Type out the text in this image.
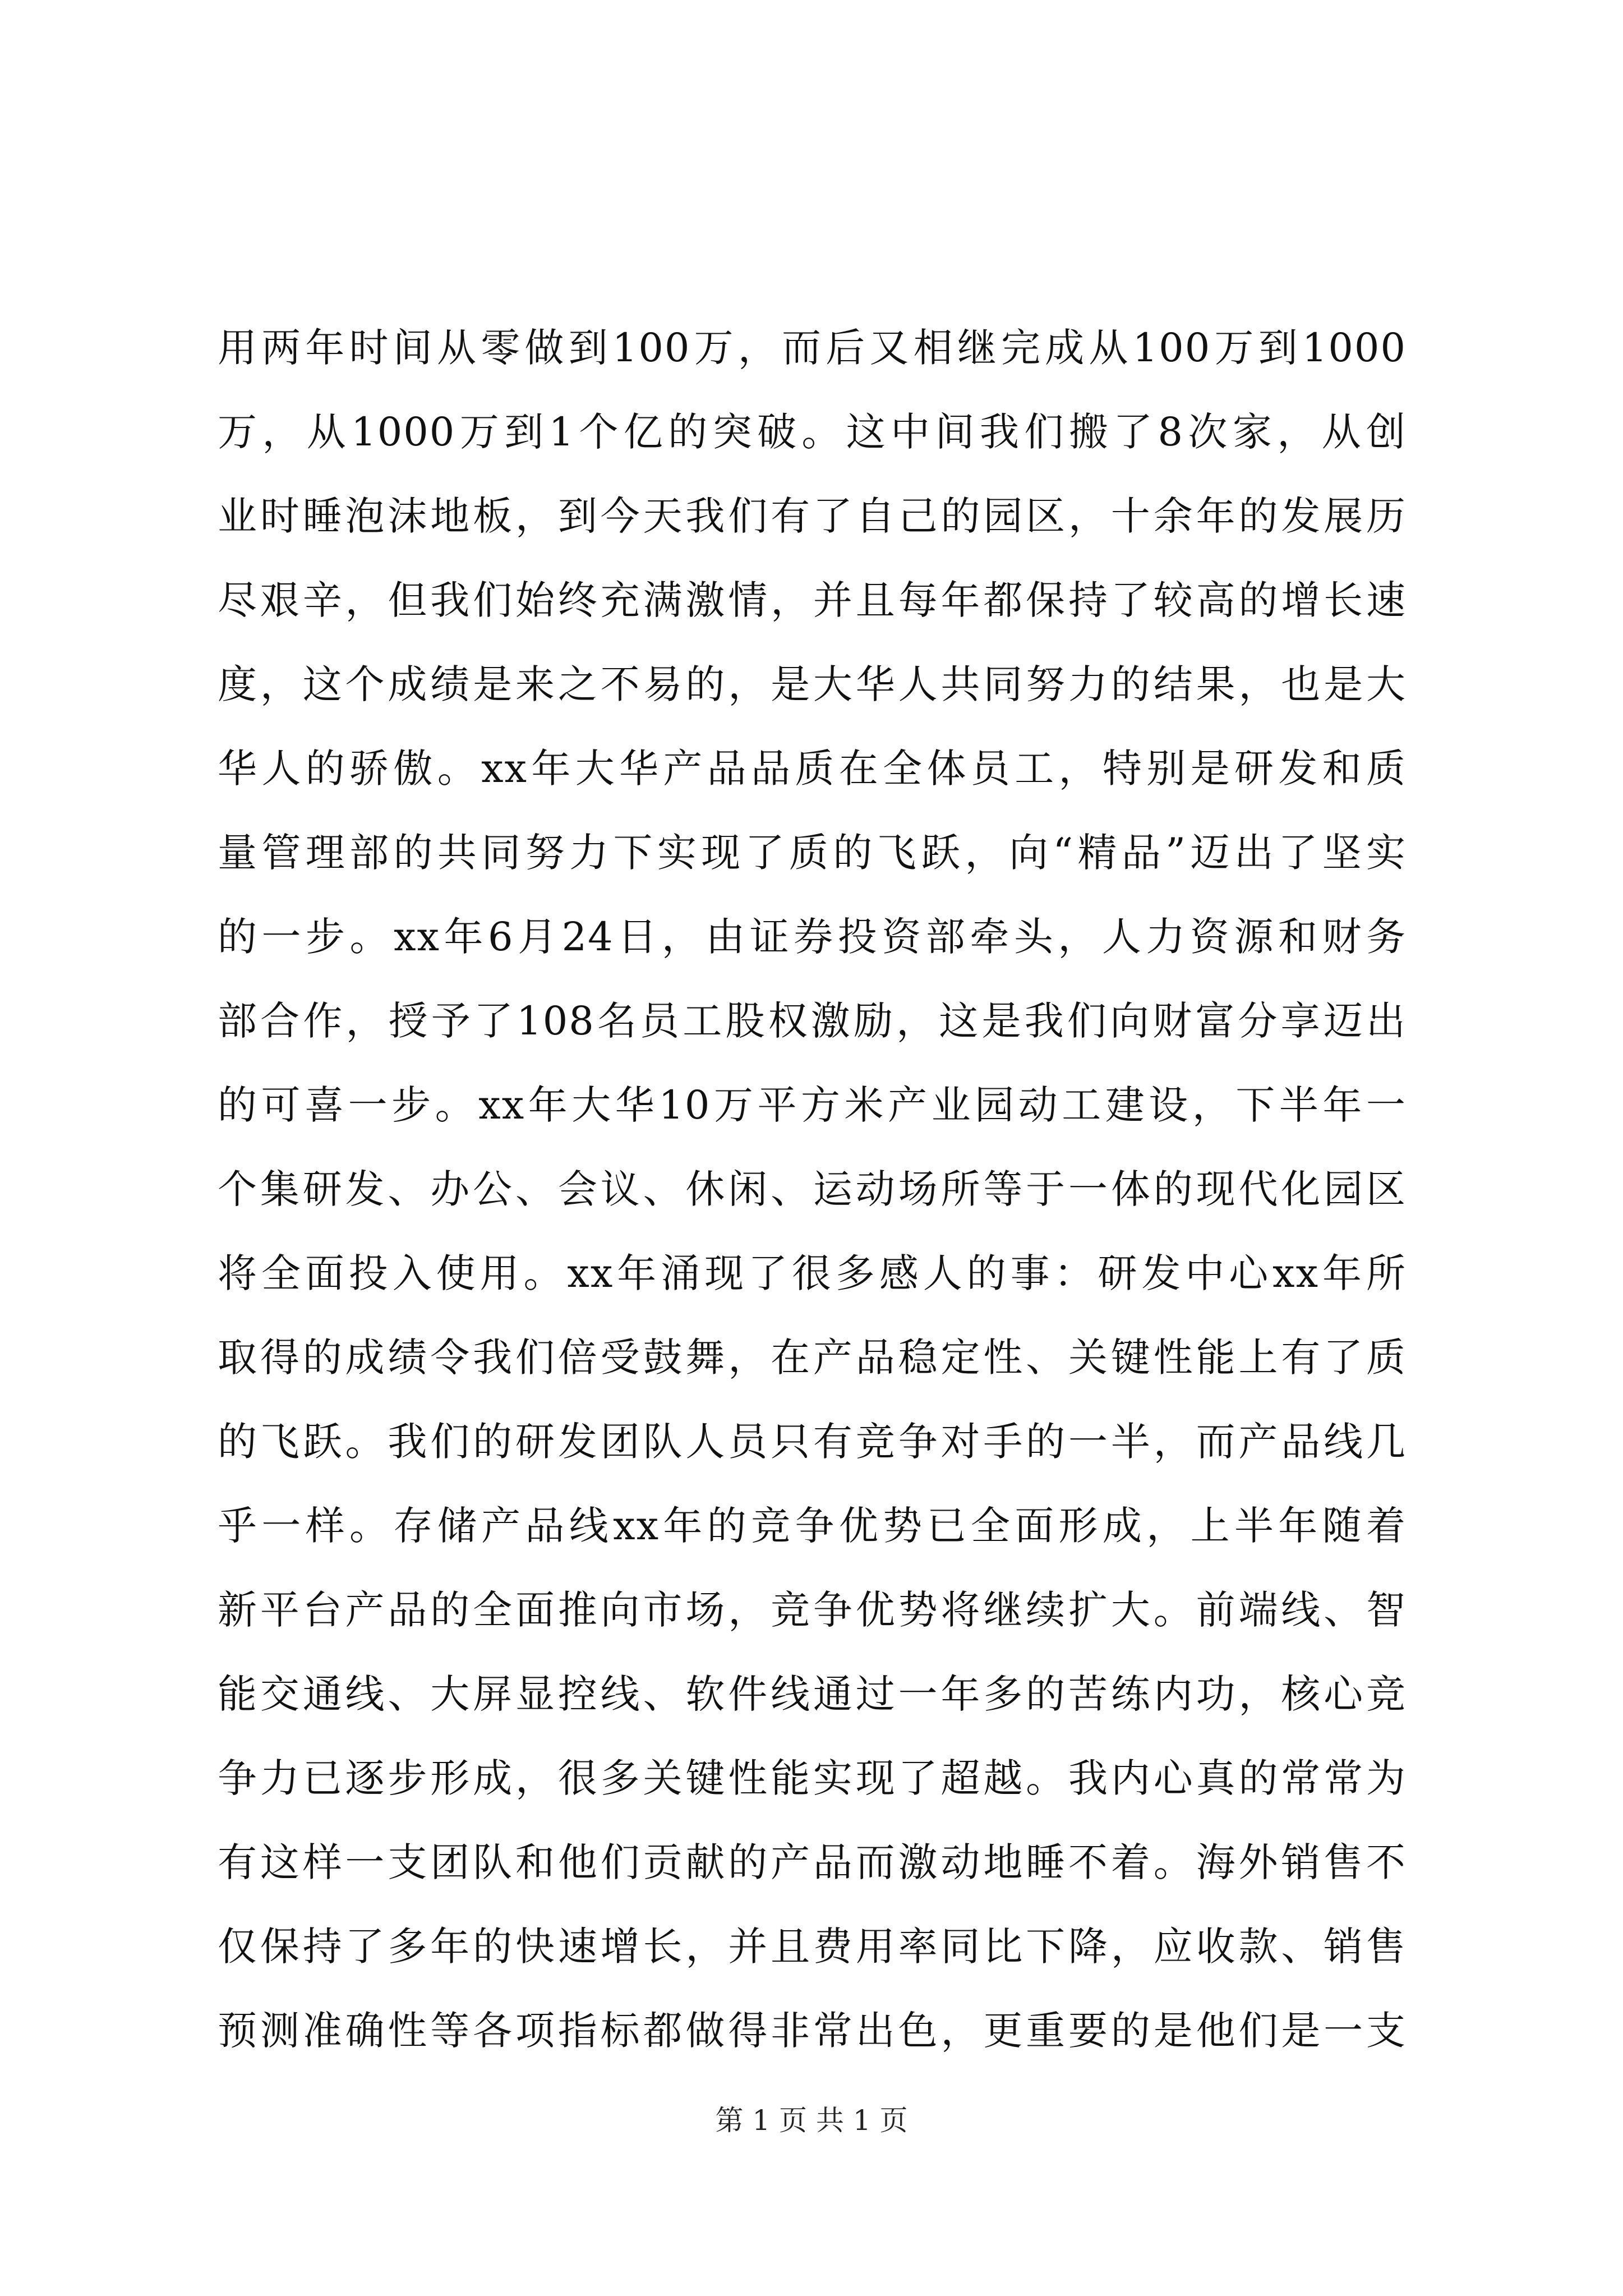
用两年时间从零做到100万，而后又相继完成从100万到1000
万，从1000万到1个亿的突破。这中间我们搬了8次家，从创
业时睡泡沫地板，到今天我们有了自己的园区，十余年的发展历
尽艰辛，但我们始终充满激情，并且每年都保持了较高的增长速
度，这个成绩是来之不易的，是大华人共同努力的结果，也是大
华人的骄傲。xx年大华产品品质在全体员工，特别是研发和质
量管理部的共同努力下实现了质的飞跃，向“精品”迈出了坚实
的一步。xx年6月24日，由证券投资部牵头，人力资源和财务
部合作，授予了108名员工股权激励，这是我们向财富分享迈出
的可喜一步。xx年大华10万平方米产业园动工建设，下半年一
个集研发、办公、会议、休闲、运动场所等于一体的现代化园区
将全面投入使用。xx年涌现了很多感人的事：研发中心xx年所
取得的成绩令我们倍受鼓舞，在产品稳定性、关键性能上有了质
的飞跃。我们的研发团队人员只有竞争对手的一半，而产品线几
乎一样。存储产品线xx年的竞争优势已全面形成，上半年随着
新平台产品的全面推向市场，竞争优势将继续扩大。前端线、智
能交通线、大屏显控线、软件线通过一年多的苦练内功，核心竞
争力已逐步形成，很多关键性能实现了超越。我内心真的常常为
有这样一支团队和他们贡献的产品而激动地睡不着。海外销售不
仅保持了多年的快速增长，并且费用率同比下降，应收款、销售
预测准确性等各项指标都做得非常出色，更重要的是他们是一支
第 1 页 共 1 页
